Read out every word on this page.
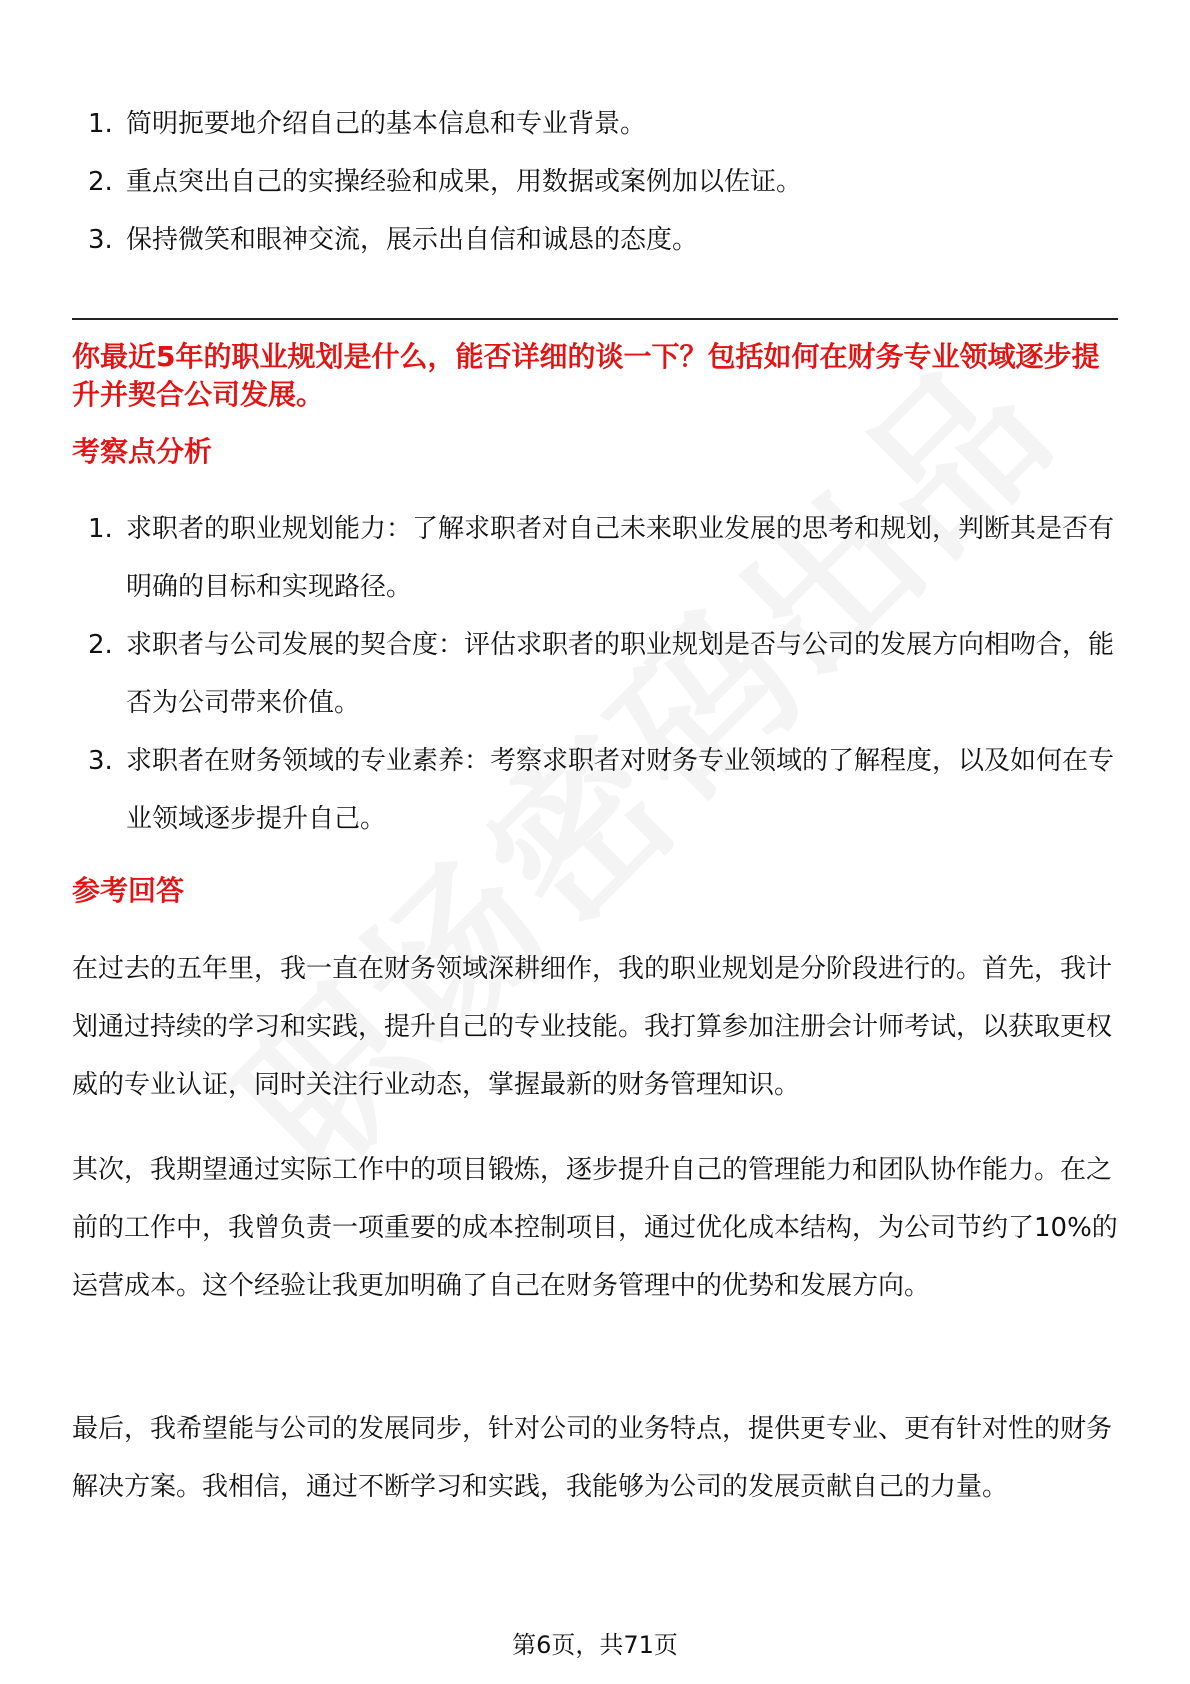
1. 简明扼要地介绍自己的基本信息和专业背景。
2. 重点突出自己的实操经验和成果，用数据或案例加以佐证。
3. 保持微笑和眼神交流，展示出自信和诚恳的态度。
你最近5年的职业规划是什么，能否详细的谈一下？包括如何在财务专业领域逐步提升并契合公司发展。
考察点分析
1. 求职者的职业规划能力：了解求职者对自己未来职业发展的思考和规划，判断其是否有明确的目标和实现路径。
2. 求职者与公司发展的契合度：评估求职者的职业规划是否与公司的发展方向相吻合，能否为公司带来价值。
3. 求职者在财务领域的专业素养：考察求职者对财务专业领域的了解程度，以及如何在专业领域逐步提升自己。
参考回答

在过去的五年里，我一直在财务领域深耕细作，我的职业规划是分阶段进行的。首先，我计划通过持续的学习和实践，提升自己的专业技能。我打算参加注册会计师考试，以获取更权威的专业认证，同时关注行业动态，掌握最新的财务管理知识。

其次，我期望通过实际工作中的项目锻炼，逐步提升自己的管理能力和团队协作能力。在之前的工作中，我曾负责一项重要的成本控制项目，通过优化成本结构，为公司节约了10%的运营成本。这个经验让我更加明确了自己在财务管理中的优势和发展方向。

最后，我希望能与公司的发展同步，针对公司的业务特点，提供更专业、更有针对性的财务解决方案。我相信，通过不断学习和实践，我能够为公司的发展贡献自己的力量。

第6页，共71页
